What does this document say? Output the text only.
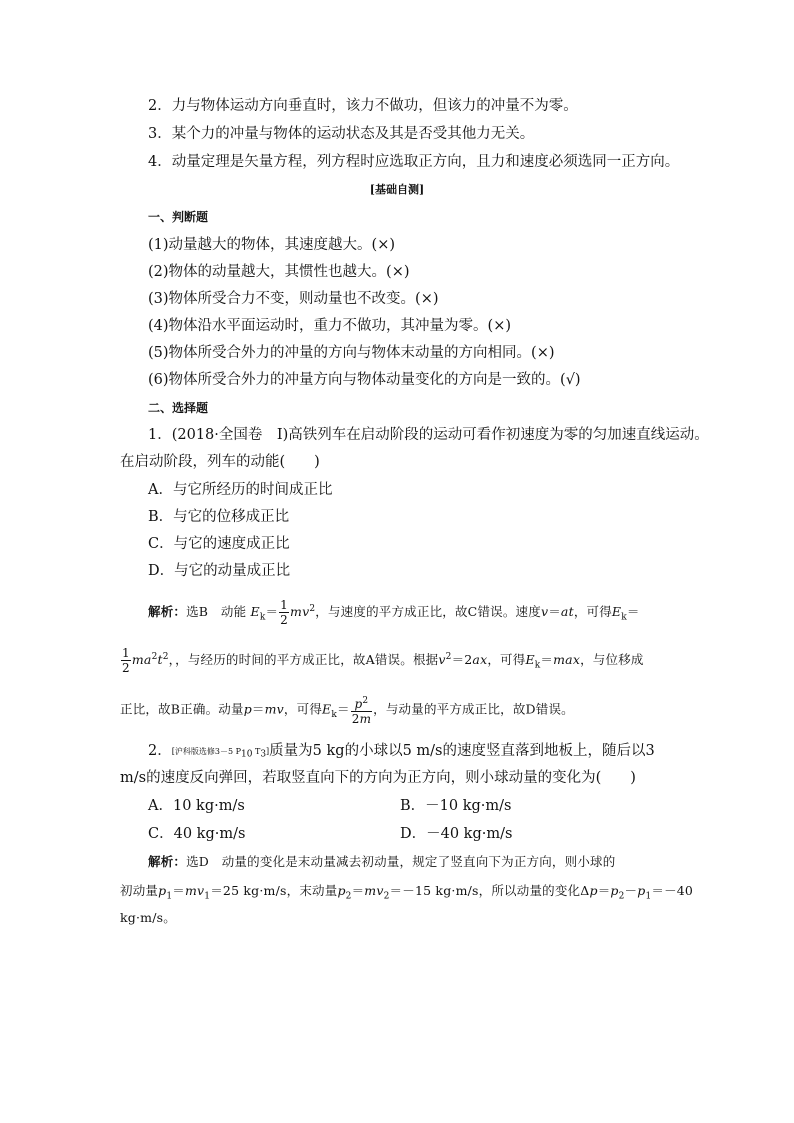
2．力与物体运动方向垂直时，该力不做功，但该力的冲量不为零。
3．某个力的冲量与物体的运动状态及其是否受其他力无关。
4．动量定理是矢量方程，列方程时应选取正方向，且力和速度必须选同一正方向。
[基础自测]
一、判断题
(1)动量越大的物体，其速度越大。(×)
(2)物体的动量越大，其惯性也越大。(×)
(3)物体所受合力不变，则动量也不改变。(×)
(4)物体沿水平面运动时，重力不做功，其冲量为零。(×)
(5)物体所受合外力的冲量的方向与物体末动量的方向相同。(×)
(6)物体所受合外力的冲量方向与物体动量变化的方向是一致的。(√)
二、选择题
1．(2018·全国卷　Ⅰ)高铁列车在启动阶段的运动可看作初速度为零的匀加速直线运动。
在启动阶段，列车的动能(　　)
A．与它所经历的时间成正比
B．与它的位移成正比
C．与它的速度成正比
D．与它的动量成正比
解析：选B　动能 $E_k= \frac{1}{2} mv^2$，与速度的平方成正比，故C错误。速度v＝at，可得$E_k=$
$\frac{1}{2} ma^2t^2$，，与经历的时间的平方成正比，故A错误。根据$v^2=2ax$，可得$E_k=\max$，与位移成
正比，故B正确。动量p＝mv，可得$E_k= \frac{p^2}{2m}$ ，与动量的平方成正比，故D错误。
2．[沪科版选修3－5 $P_{10}$ $T_3$]质量为5 kg的小球以5 m/s的速度竖直落到地板上，随后以3
m/s的速度反向弹回，若取竖直向下的方向为正方向，则小球动量的变化为(　　)
A．10 kg·m/s	B．－10 kg·m/s
C．40 kg·m/s	D．－40 kg·m/s
解析：选D　动量的变化是末动量减去初动量，规定了竖直向下为正方向，则小球的
初动量$p_1=mv_1=25$ kg·m/s，末动量$p_2=mv_2=-15$ kg·m/s，所以动量的变化$\Delta p=p_2-p_1=-40$
kg·m/s。
